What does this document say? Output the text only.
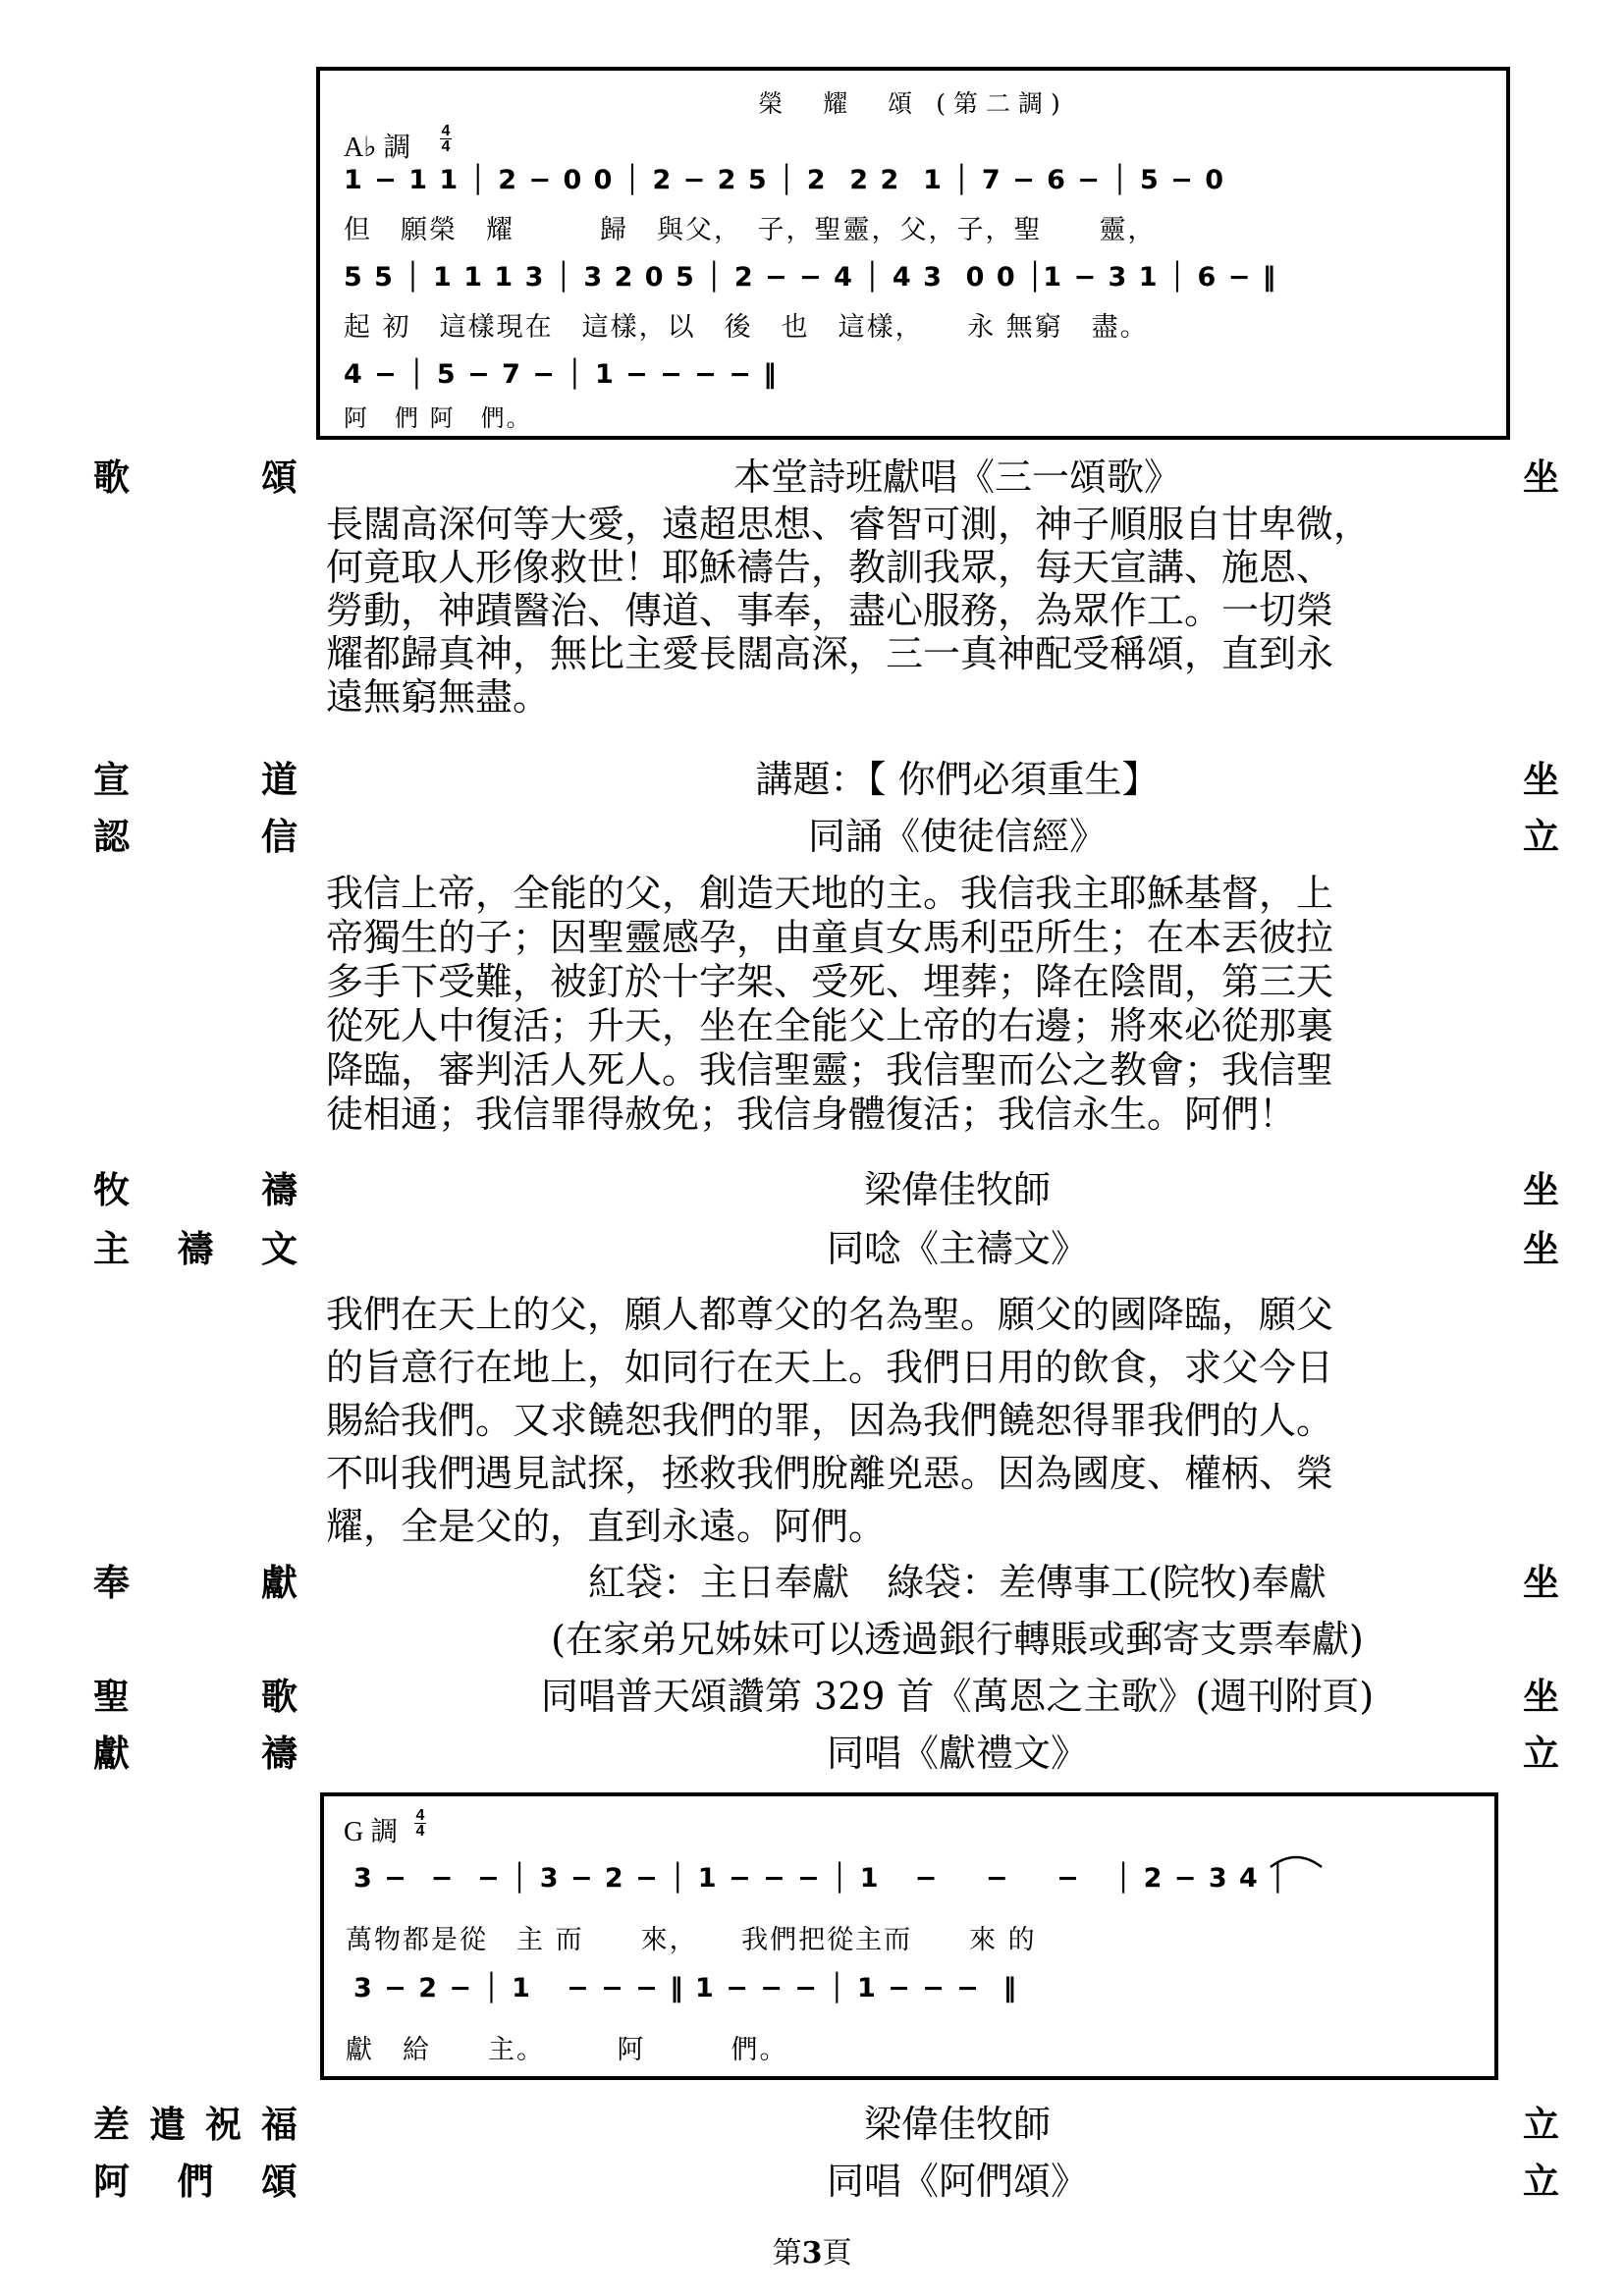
榮　耀　頌 (第二調)
A♭ 調
4
4
1 − 1 1 │ 2 − 0 0 │ 2 − 2 5 │ 2  2 2  1 │ 7 − 6 − │ 5 − 0
但　願榮　耀　　　歸　與父，　子，聖靈，父，子，聖　　靈，
5 5 │ 1 1 1 3 │ 3 2 0 5 │ 2 − − 4 │ 4 3  0 0 │1 − 3 1 │ 6 − ‖
起 初　這樣現在　這樣，以　後　也　這樣，　　永 無窮　盡。
4 − │ 5 − 7 − │ 1 − − − − ‖
阿　們 阿　們。
歌　頌	本堂詩班獻唱《三一頌歌》	坐
長闊高深何等大愛，遠超思想、睿智可測，神子順服自甘卑微，
何竟取人形像救世！耶穌禱告，教訓我眾，每天宣講、施恩、
勞動，神蹟醫治、傳道、事奉，盡心服務，為眾作工。一切榮
耀都歸真神，無比主愛長闊高深，三一真神配受稱頌，直到永
遠無窮無盡。
宣　道	講題：【 你們必須重生】	坐
認　信	同誦《使徒信經》	立
我信上帝，全能的父，創造天地的主。我信我主耶穌基督，上
帝獨生的子；因聖靈感孕，由童貞女馬利亞所生；在本丟彼拉
多手下受難，被釘於十字架、受死、埋葬；降在陰間，第三天
從死人中復活；升天，坐在全能父上帝的右邊；將來必從那裏
降臨，審判活人死人。我信聖靈；我信聖而公之教會；我信聖
徒相通；我信罪得赦免；我信身體復活；我信永生。阿們！
牧　禱	梁偉佳牧師	坐
主禱文	同唸《主禱文》	坐
我們在天上的父，願人都尊父的名為聖。願父的國降臨，願父
的旨意行在地上，如同行在天上。我們日用的飲食，求父今日
賜給我們。又求饒恕我們的罪，因為我們饒恕得罪我們的人。
不叫我們遇見試探，拯救我們脫離兇惡。因為國度、權柄、榮
耀，全是父的，直到永遠。阿們。
奉　獻	紅袋：主日奉獻　綠袋：差傳事工(院牧)奉獻	坐
(在家弟兄姊妹可以透過銀行轉賬或郵寄支票奉獻)
聖　歌	同唱普天頌讚第 329 首《萬恩之主歌》(週刊附頁)	坐
獻　禱	同唱《獻禮文》	立
G 調
4
4
3 −  −  − │ 3 − 2 − │ 1 − − − │ 1   −    −    −   │ 2 − 3 4 │
萬物都是從　主 而　　來，　　我們把從主而　　來 的
3 − 2 − │ 1   − − − ‖ 1 − − − │ 1 − − −  ‖
獻　給　　主。　　　阿　　　們。
差遣祝福	梁偉佳牧師	立
阿們頌	同唱《阿們頌》	立
第3頁
